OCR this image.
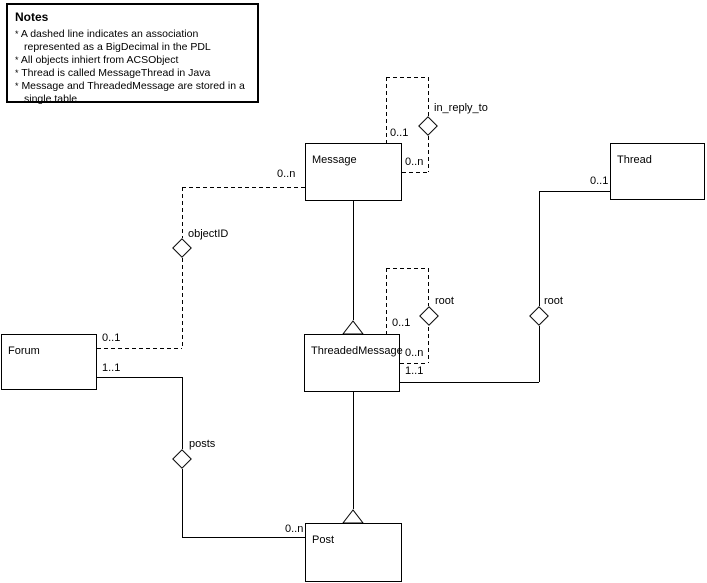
Notes
* A dashed line indicates an association represented as a BigDecimal in the PDL
* All objects inhiert from ACSObject
* Thread is called MessageThread in Java
* Message and ThreadedMessage are stored in a single table
Message	Thread
Forum	ThreadedMessage
Post
in_reply_to
objectID
root	root
posts
0..1
0..n
0..n
0..1
1..1
0..n
0..1
0..n
1..1
0..1
